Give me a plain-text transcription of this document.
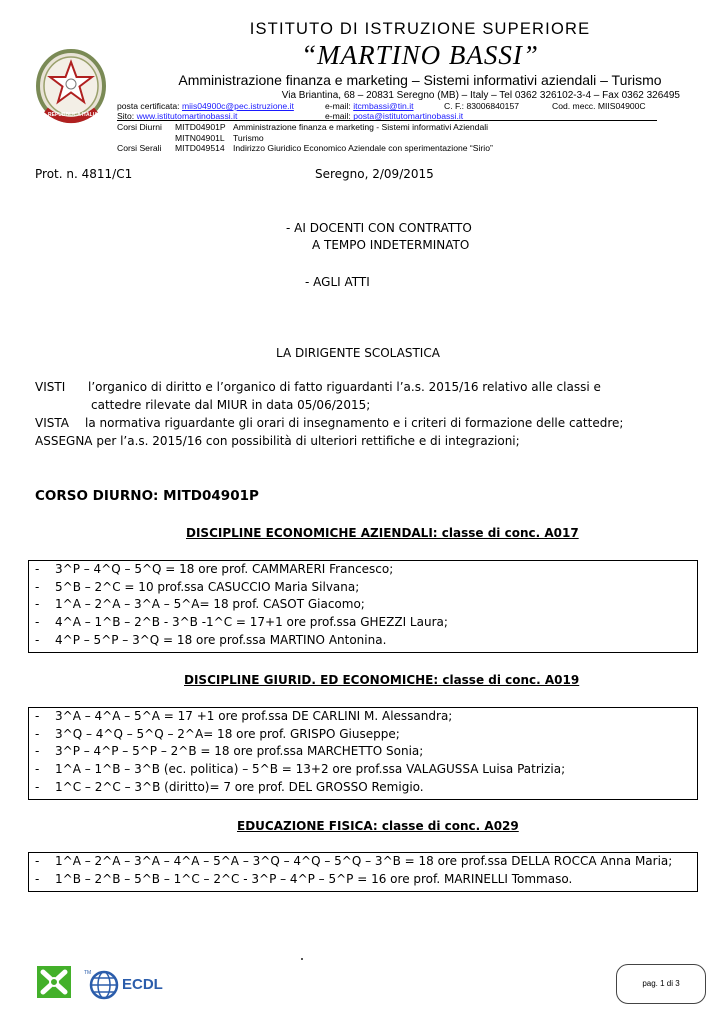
REPUBBLICA ITALIANA
ISTITUTO DI ISTRUZIONE SUPERIORE
“MARTINO BASSI”
Amministrazione finanza e marketing – Sistemi informativi aziendali – Turismo
Via Briantina, 68 – 20831 Seregno (MB) – Italy – Tel 0362 326102-3-4 – Fax 0362 326495
posta certificata: miis04900c@pec.istruzione.it	e-mail: itcmbassi@tin.it	C. F.: 83006840157	Cod. mecc. MIIS04900C
Sito: www.istitutomartinobassi.it	e-mail: posta@istitutomartinobassi.it
Corsi Diurni MITD04901P Amministrazione finanza e marketing - Sistemi informativi Aziendali
MITN04901L Turismo
Corsi Serali MITD049514 Indirizzo Giuridico Economico Aziendale con sperimentazione “Sirio”
Prot. n. 4811/C1	Seregno, 2/09/2015
- AI DOCENTI CON CONTRATTO
A TEMPO INDETERMINATO
- AGLI ATTI
LA DIRIGENTE SCOLASTICA
VISTI l’organico di diritto e l’organico di fatto riguardanti l’a.s. 2015/16 relativo alle classi e
cattedre rilevate dal MIUR in data 05/06/2015;
VISTA la normativa riguardante gli orari di insegnamento e i criteri di formazione delle cattedre;
ASSEGNA per l’a.s. 2015/16 con possibilità di ulteriori rettifiche e di integrazioni;
CORSO DIURNO: MITD04901P
DISCIPLINE ECONOMICHE AZIENDALI: classe di conc. A017
- 3^P – 4^Q – 5^Q = 18 ore prof. CAMMARERI Francesco;
- 5^B – 2^C = 10 prof.ssa CASUCCIO Maria Silvana;
- 1^A – 2^A – 3^A – 5^A= 18 prof. CASOT Giacomo;
- 4^A – 1^B – 2^B - 3^B -1^C = 17+1 ore prof.ssa GHEZZI Laura;
- 4^P – 5^P – 3^Q = 18 ore prof.ssa MARTINO Antonina.
DISCIPLINE GIURID. ED ECONOMICHE: classe di conc. A019
- 3^A – 4^A – 5^A = 17 +1 ore prof.ssa DE CARLINI M. Alessandra;
- 3^Q – 4^Q – 5^Q – 2^A= 18 ore prof. GRISPO Giuseppe;
- 3^P – 4^P – 5^P – 2^B = 18 ore prof.ssa MARCHETTO Sonia;
- 1^A – 1^B – 3^B (ec. politica) – 5^B = 13+2 ore prof.ssa VALAGUSSA Luisa Patrizia;
- 1^C – 2^C – 3^B (diritto)= 7 ore prof. DEL GROSSO Remigio.
EDUCAZIONE FISICA: classe di conc. A029
- 1^A – 2^A – 3^A – 4^A – 5^A – 3^Q – 4^Q – 5^Q – 3^B = 18 ore prof.ssa DELLA ROCCA Anna Maria;
- 1^B – 2^B – 5^B – 1^C – 2^C - 3^P – 4^P – 5^P = 16 ore prof. MARINELLI Tommaso.
TM
ECDL	pag. 1 di 3
